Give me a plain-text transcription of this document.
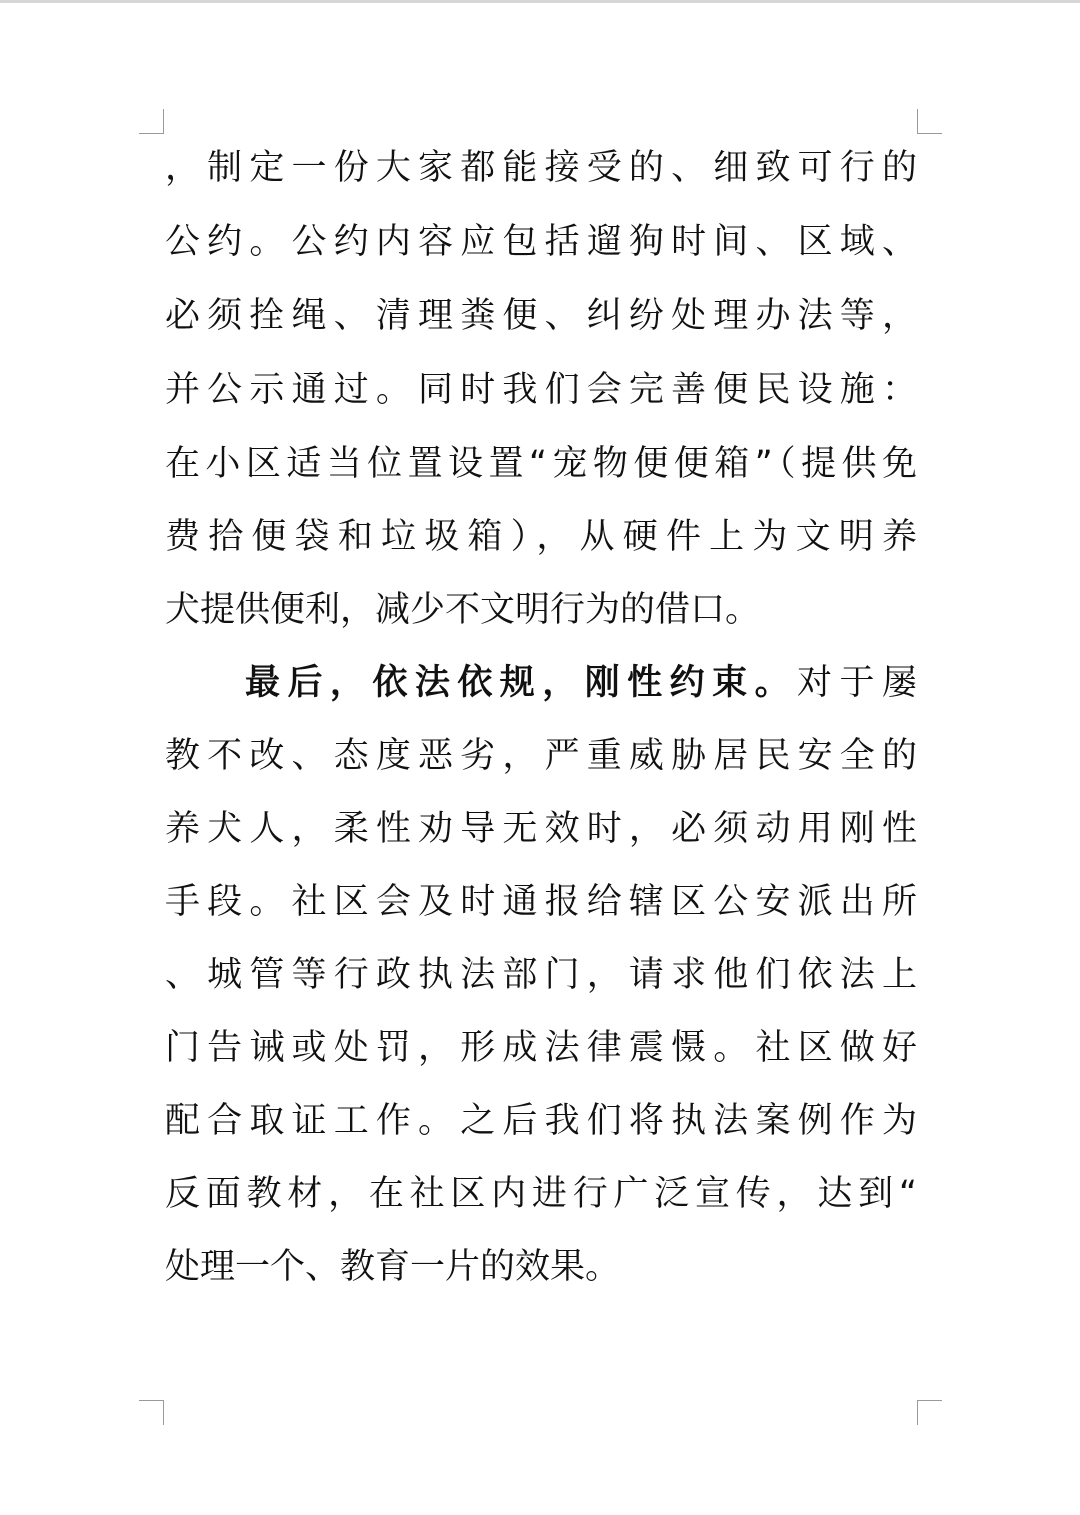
，制定一份大家都能接受的、细致可行的
公约。公约内容应包括遛狗时间、区域、
必须拴绳、清理粪便、纠纷处理办法等，
并公示通过。同时我们会完善便民设施：
在小区适当位置设置“宠物便便箱”（提供免
费拾便袋和垃圾箱），从硬件上为文明养
犬提供便利，减少不文明行为的借口。
最后，依法依规，刚性约束。对于屡
教不改、态度恶劣，严重威胁居民安全的
养犬人，柔性劝导无效时，必须动用刚性
手段。社区会及时通报给辖区公安派出所
、城管等行政执法部门，请求他们依法上
门告诫或处罚，形成法律震慑。社区做好
配合取证工作。之后我们将执法案例作为
反面教材，在社区内进行广泛宣传，达到“
处理一个、教育一片的效果。
